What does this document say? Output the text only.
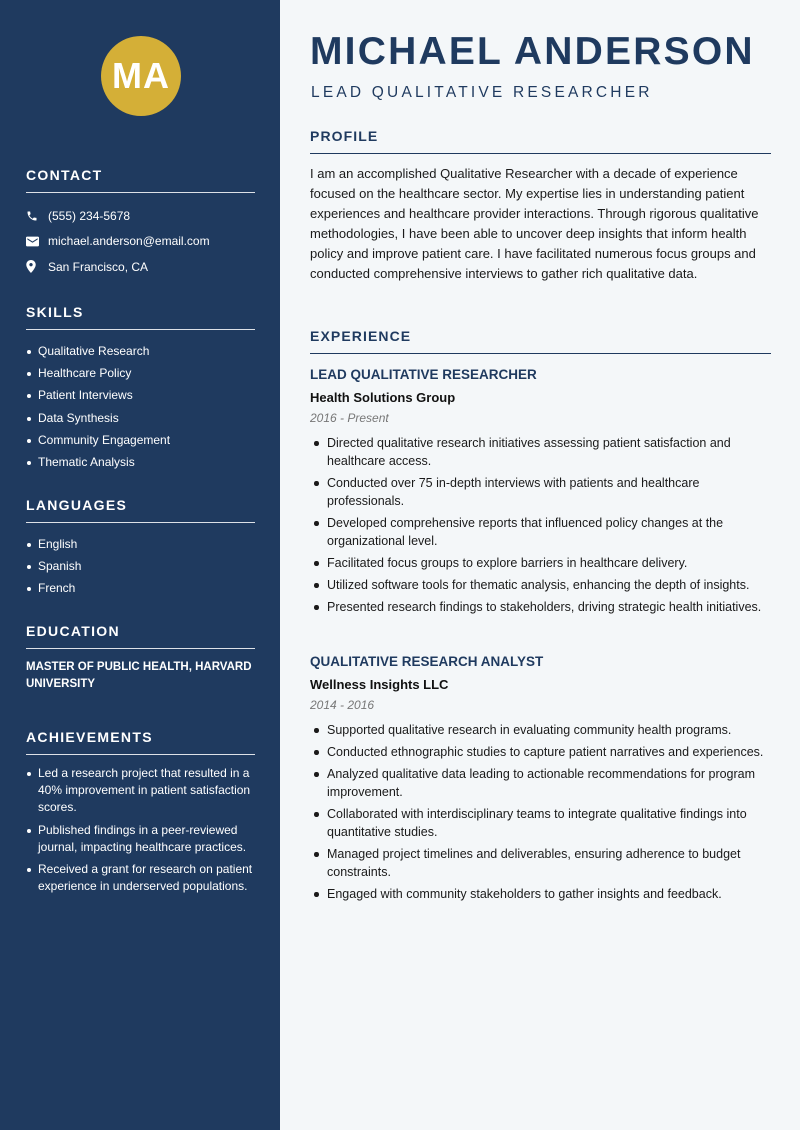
MA
CONTACT
(555) 234-5678
michael.anderson@email.com
San Francisco, CA
SKILLS
Qualitative Research
Healthcare Policy
Patient Interviews
Data Synthesis
Community Engagement
Thematic Analysis
LANGUAGES
English
Spanish
French
EDUCATION
MASTER OF PUBLIC HEALTH, HARVARD UNIVERSITY
ACHIEVEMENTS
Led a research project that resulted in a 40% improvement in patient satisfaction scores.
Published findings in a peer-reviewed journal, impacting healthcare practices.
Received a grant for research on patient experience in underserved populations.
MICHAEL ANDERSON
LEAD QUALITATIVE RESEARCHER
PROFILE

I am an accomplished Qualitative Researcher with a decade of experience focused on the healthcare sector. My expertise lies in understanding patient experiences and healthcare provider interactions. Through rigorous qualitative methodologies, I have been able to uncover deep insights that inform health policy and improve patient care. I have facilitated numerous focus groups and conducted comprehensive interviews to gather rich qualitative data.

EXPERIENCE
LEAD QUALITATIVE RESEARCHER
Health Solutions Group
2016 - Present
Directed qualitative research initiatives assessing patient satisfaction and healthcare access.
Conducted over 75 in-depth interviews with patients and healthcare professionals.
Developed comprehensive reports that influenced policy changes at the organizational level.
Facilitated focus groups to explore barriers in healthcare delivery.
Utilized software tools for thematic analysis, enhancing the depth of insights.
Presented research findings to stakeholders, driving strategic health initiatives.
QUALITATIVE RESEARCH ANALYST
Wellness Insights LLC
2014 - 2016
Supported qualitative research in evaluating community health programs.
Conducted ethnographic studies to capture patient narratives and experiences.
Analyzed qualitative data leading to actionable recommendations for program improvement.
Collaborated with interdisciplinary teams to integrate qualitative findings into quantitative studies.
Managed project timelines and deliverables, ensuring adherence to budget constraints.
Engaged with community stakeholders to gather insights and feedback.
